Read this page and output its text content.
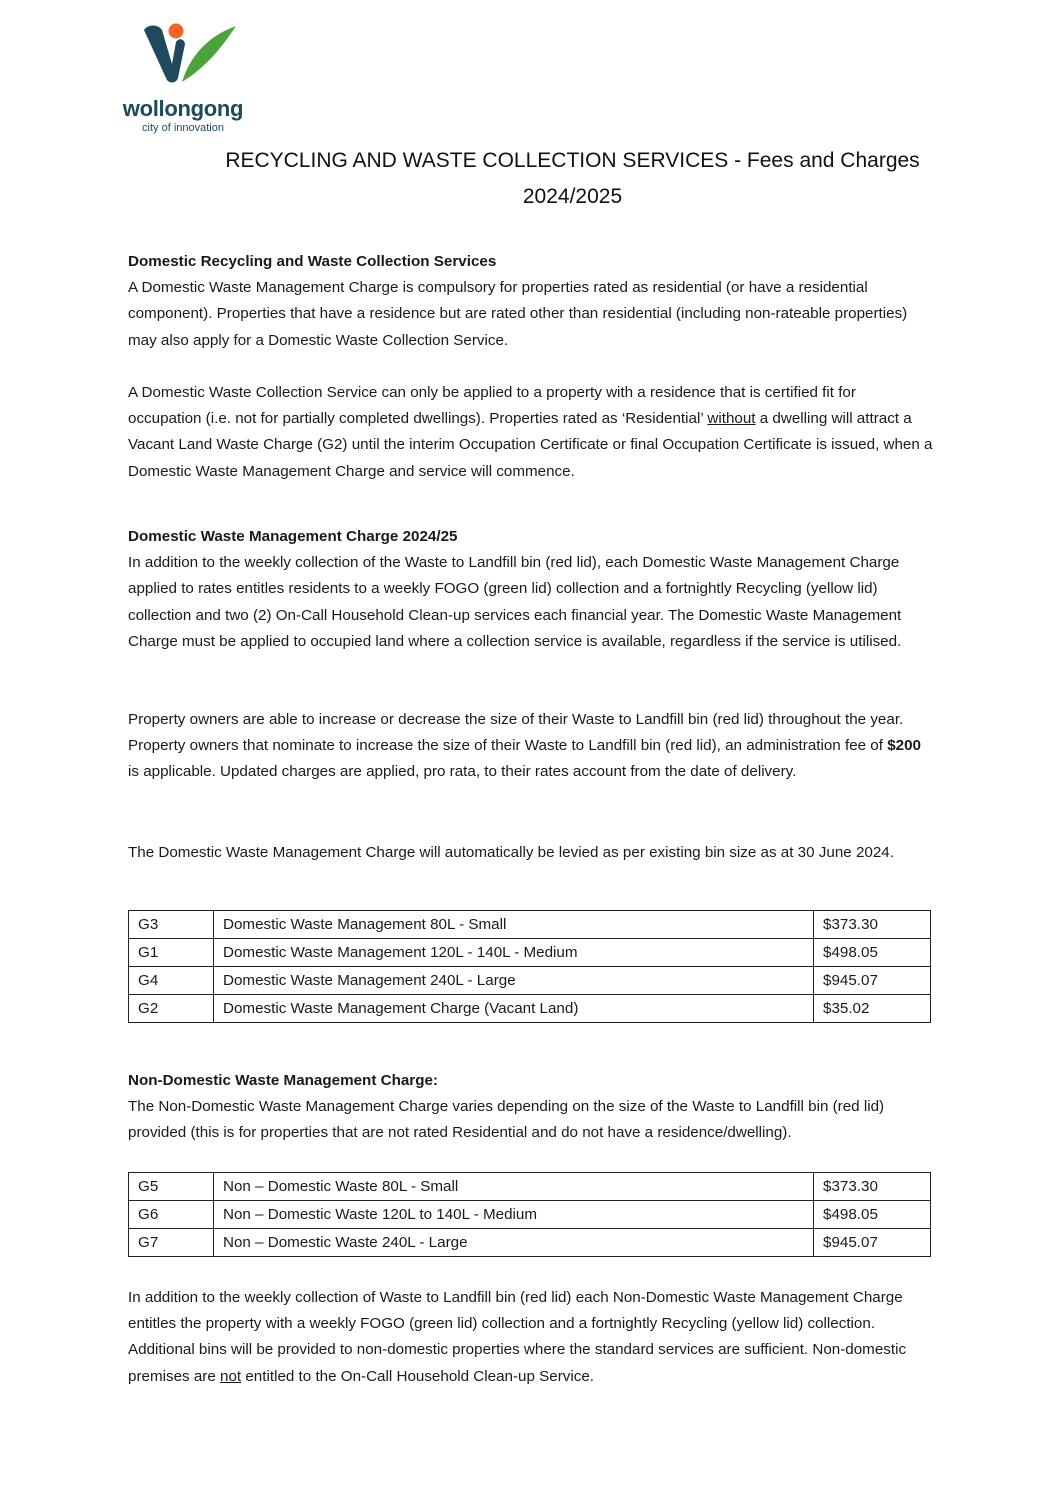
wollongong
city of innovation
RECYCLING AND WASTE COLLECTION SERVICES - Fees and Charges
2024/2025

Domestic Recycling and Waste Collection Services

A Domestic Waste Management Charge is compulsory for properties rated as residential (or have a residential component). Properties that have a residence but are rated other than residential (including non-rateable properties) may also apply for a Domestic Waste Collection Service.

A Domestic Waste Collection Service can only be applied to a property with a residence that is certified fit for occupation (i.e. not for partially completed dwellings). Properties rated as ‘Residential’ without a dwelling will attract a Vacant Land Waste Charge (G2) until the interim Occupation Certificate or final Occupation Certificate is issued, when a Domestic Waste Management Charge and service will commence.

Domestic Waste Management Charge 2024/25

In addition to the weekly collection of the Waste to Landfill bin (red lid), each Domestic Waste Management Charge applied to rates entitles residents to a weekly FOGO (green lid) collection and a fortnightly Recycling (yellow lid) collection and two (2) On-Call Household Clean-up services each financial year. The Domestic Waste Management Charge must be applied to occupied land where a collection service is available, regardless if the service is utilised.

Property owners are able to increase or decrease the size of their Waste to Landfill bin (red lid) throughout the year. Property owners that nominate to increase the size of their Waste to Landfill bin (red lid), an administration fee of $200 is applicable. Updated charges are applied, pro rata, to their rates account from the date of delivery.

The Domestic Waste Management Charge will automatically be levied as per existing bin size as at 30 June 2024.

G3	Domestic Waste Management 80L - Small	$373.30
G1	Domestic Waste Management 120L - 140L - Medium	$498.05
G4	Domestic Waste Management 240L - Large	$945.07
G2	Domestic Waste Management Charge (Vacant Land)	$35.02

Non-Domestic Waste Management Charge:

The Non-Domestic Waste Management Charge varies depending on the size of the Waste to Landfill bin (red lid) provided (this is for properties that are not rated Residential and do not have a residence/dwelling).

G5	Non – Domestic Waste 80L - Small	$373.30
G6	Non – Domestic Waste 120L to 140L - Medium	$498.05
G7	Non – Domestic Waste 240L - Large	$945.07

In addition to the weekly collection of Waste to Landfill bin (red lid) each Non-Domestic Waste Management Charge entitles the property with a weekly FOGO (green lid) collection and a fortnightly Recycling (yellow lid) collection. Additional bins will be provided to non-domestic properties where the standard services are sufficient. Non-domestic premises are not entitled to the On-Call Household Clean-up Service.
